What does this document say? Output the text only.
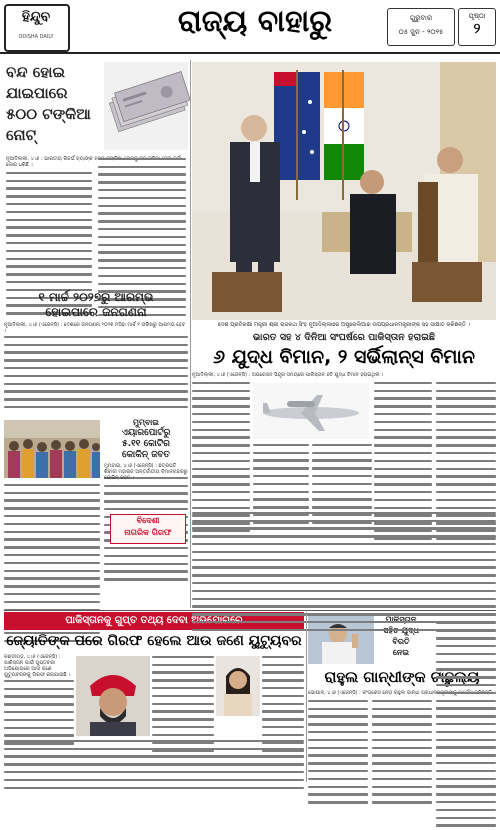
ହିନ୍ଦୁବ
ODISHA DAILY	ରାଜ୍ୟ ବାହାରୁ	ଗୁରୁବାର
୦୫ ଜୁନ - ୨୦୨୫
ପୃଷ୍ଠା
୨
ବନ୍ଦ ହୋଇ
ଯାଇପାରେ
୫୦୦ ଟଙ୍କିଆ
ନୋଟ୍
ନୂଆଦିଲ୍ଲୀ, ୪।୬ : ଭାରତୀୟ ରିଜର୍ଭ ବ୍ୟାଙ୍କ ୫୦୦ ଟଙ୍କିଆ ନୋଟକୁ ବନ୍ଦ କରିବା ନେଇ ଚର୍ଚ୍ଚା ଜୋର ଧରିଛି ।
୧ ମାର୍ଚ୍ଚ ୨୦୨୭ରୁ ଆରମ୍ଭ
ହୋଇପାରେ ଜନଗଣନା
ନୂଆଦିଲ୍ଲୀ, ୪।୬ (ଏଜେନ୍ସି) : ଦେଶରେ ଜନଗଣନା ୨୦୨୭ ମସିହା ମାର୍ଚ୍ଚ ୧ ତାରିଖରୁ ଆରମ୍ଭ ହେବ ।
ମୁମ୍ବାଇ
ଏୟାରପୋର୍ଟରୁ
୫.୧୧ କୋଟିର
କୋକିନ୍ ଜବତ
ମୁମ୍ବାଇ, ୪।୬ (ଏଜେନ୍ସି) : ଛତ୍ରପତି ଶିବାଜୀ ମହାରାଜ ଅନ୍ତର୍ଜାତୀୟ ବିମାନବନ୍ଦରରୁ କୋକିନ୍ ଜବତ ।
ବିଦେଶୀ
ନାଗରିକ ଗିରଫ
ଦେଶ ପ୍ରତିରକ୍ଷା ମନ୍ତ୍ରୀ ଶ୍ରୀ ରାଜନାଥ ସିଂହ ନୂଆଦିଲ୍ଲୀରେ ଅଷ୍ଟ୍ରେଲିଆର ଉପପ୍ରଧାନମନ୍ତ୍ରୀଙ୍କ ସହ ସାକ୍ଷାତ କରିଛନ୍ତି ।
ଭାରତ ସହ ୪ ଦିନିଆ ସଂଘର୍ଷରେ ପାକିସ୍ତାନ ହରାଇଛି
୬ ଯୁଦ୍ଧ ବିମାନ, ୨ ସର୍ଭିଲାନ୍ସ ବିମାନ
ନୂଆଦିଲ୍ଲୀ, ୪।୬ (ଏଜେନ୍ସି) : ଅପରେସନ ସିନ୍ଦୂର ସମୟରେ ପାକିସ୍ତାନ ୬ଟି ଯୁଦ୍ଧ ବିମାନ ହରାଇଥିଲା ।
ପାକିସ୍ତାନକୁ ଗୁପ୍ତ ତଥ୍ୟ ଦେବା ଅଭିଯୋଗରେ
ଜ୍ୟୋତିଙ୍କ ପରେ ଗିରଫ ହେଲେ ଆଉ ଜଣେ ୟୁଟ୍ୟୁବର
ଚଣ୍ଡୀଗଡ଼, ୪।୬ (ଏଜେନ୍ସି) : ପାକିସ୍ତାନ ପାଇଁ ଗୁପ୍ତଚରୀ ଅଭିଯୋଗରେ ଆଉ ଜଣେ ୟୁଟ୍ୟୁବରଙ୍କୁ ଗିରଫ କରାଯାଇଛି ।
ପାକିସ୍ତାନ
ସହିତ ଯୁଦ୍ଧ
ବିରତି
ନେଇ
ରାହୁଲ ଗାନ୍ଧୀଙ୍କ ଟାଛୁଲ୍ୟ
ଭୋପାଳ, ୪।୬ (ଏଜେନ୍ସି) : କଂଗ୍ରେସ ନେତା ରାହୁଲ ଗାନ୍ଧୀ ପ୍ରଧାନମନ୍ତ୍ରୀଙ୍କୁ ଟାର୍ଗେଟ କରିଛନ୍ତି ।
